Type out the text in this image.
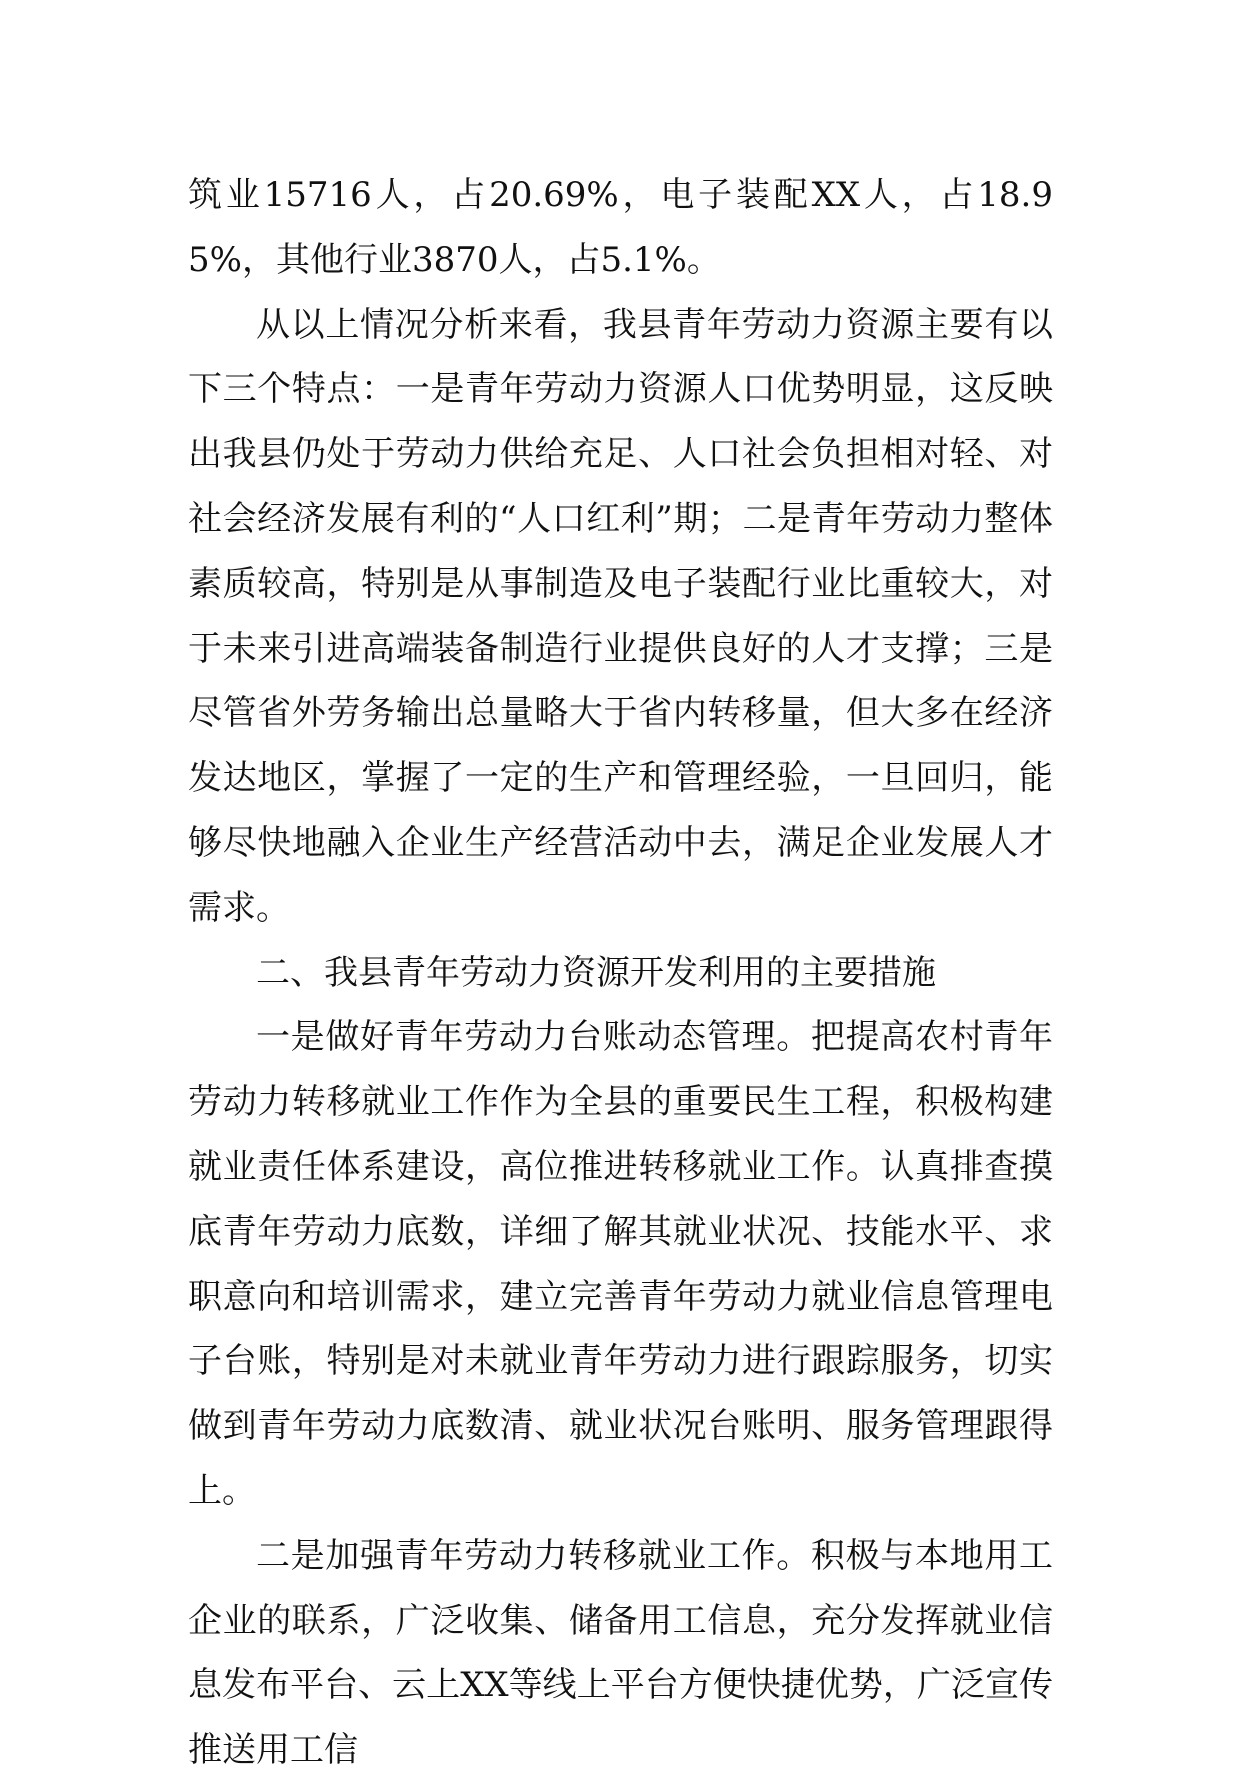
筑业15716人，占20.69%，电子装配XX人，占18.95%，其他行业3870人，占5.1%。

从以上情况分析来看，我县青年劳动力资源主要有以下三个特点：一是青年劳动力资源人口优势明显，这反映出我县仍处于劳动力供给充足、人口社会负担相对轻、对社会经济发展有利的“人口红利”期；二是青年劳动力整体素质较高，特别是从事制造及电子装配行业比重较大，对于未来引进高端装备制造行业提供良好的人才支撑；三是尽管省外劳务输出总量略大于省内转移量，但大多在经济发达地区，掌握了一定的生产和管理经验，一旦回归，能够尽快地融入企业生产经营活动中去，满足企业发展人才需求。

二、我县青年劳动力资源开发利用的主要措施

一是做好青年劳动力台账动态管理。把提高农村青年劳动力转移就业工作作为全县的重要民生工程，积极构建就业责任体系建设，高位推进转移就业工作。认真排查摸底青年劳动力底数，详细了解其就业状况、技能水平、求职意向和培训需求，建立完善青年劳动力就业信息管理电子台账，特别是对未就业青年劳动力进行跟踪服务，切实做到青年劳动力底数清、就业状况台账明、服务管理跟得上。

二是加强青年劳动力转移就业工作。积极与本地用工企业的联系，广泛收集、储备用工信息，充分发挥就业信息发布平台、云上XX等线上平台方便快捷优势，广泛宣传推送用工信
